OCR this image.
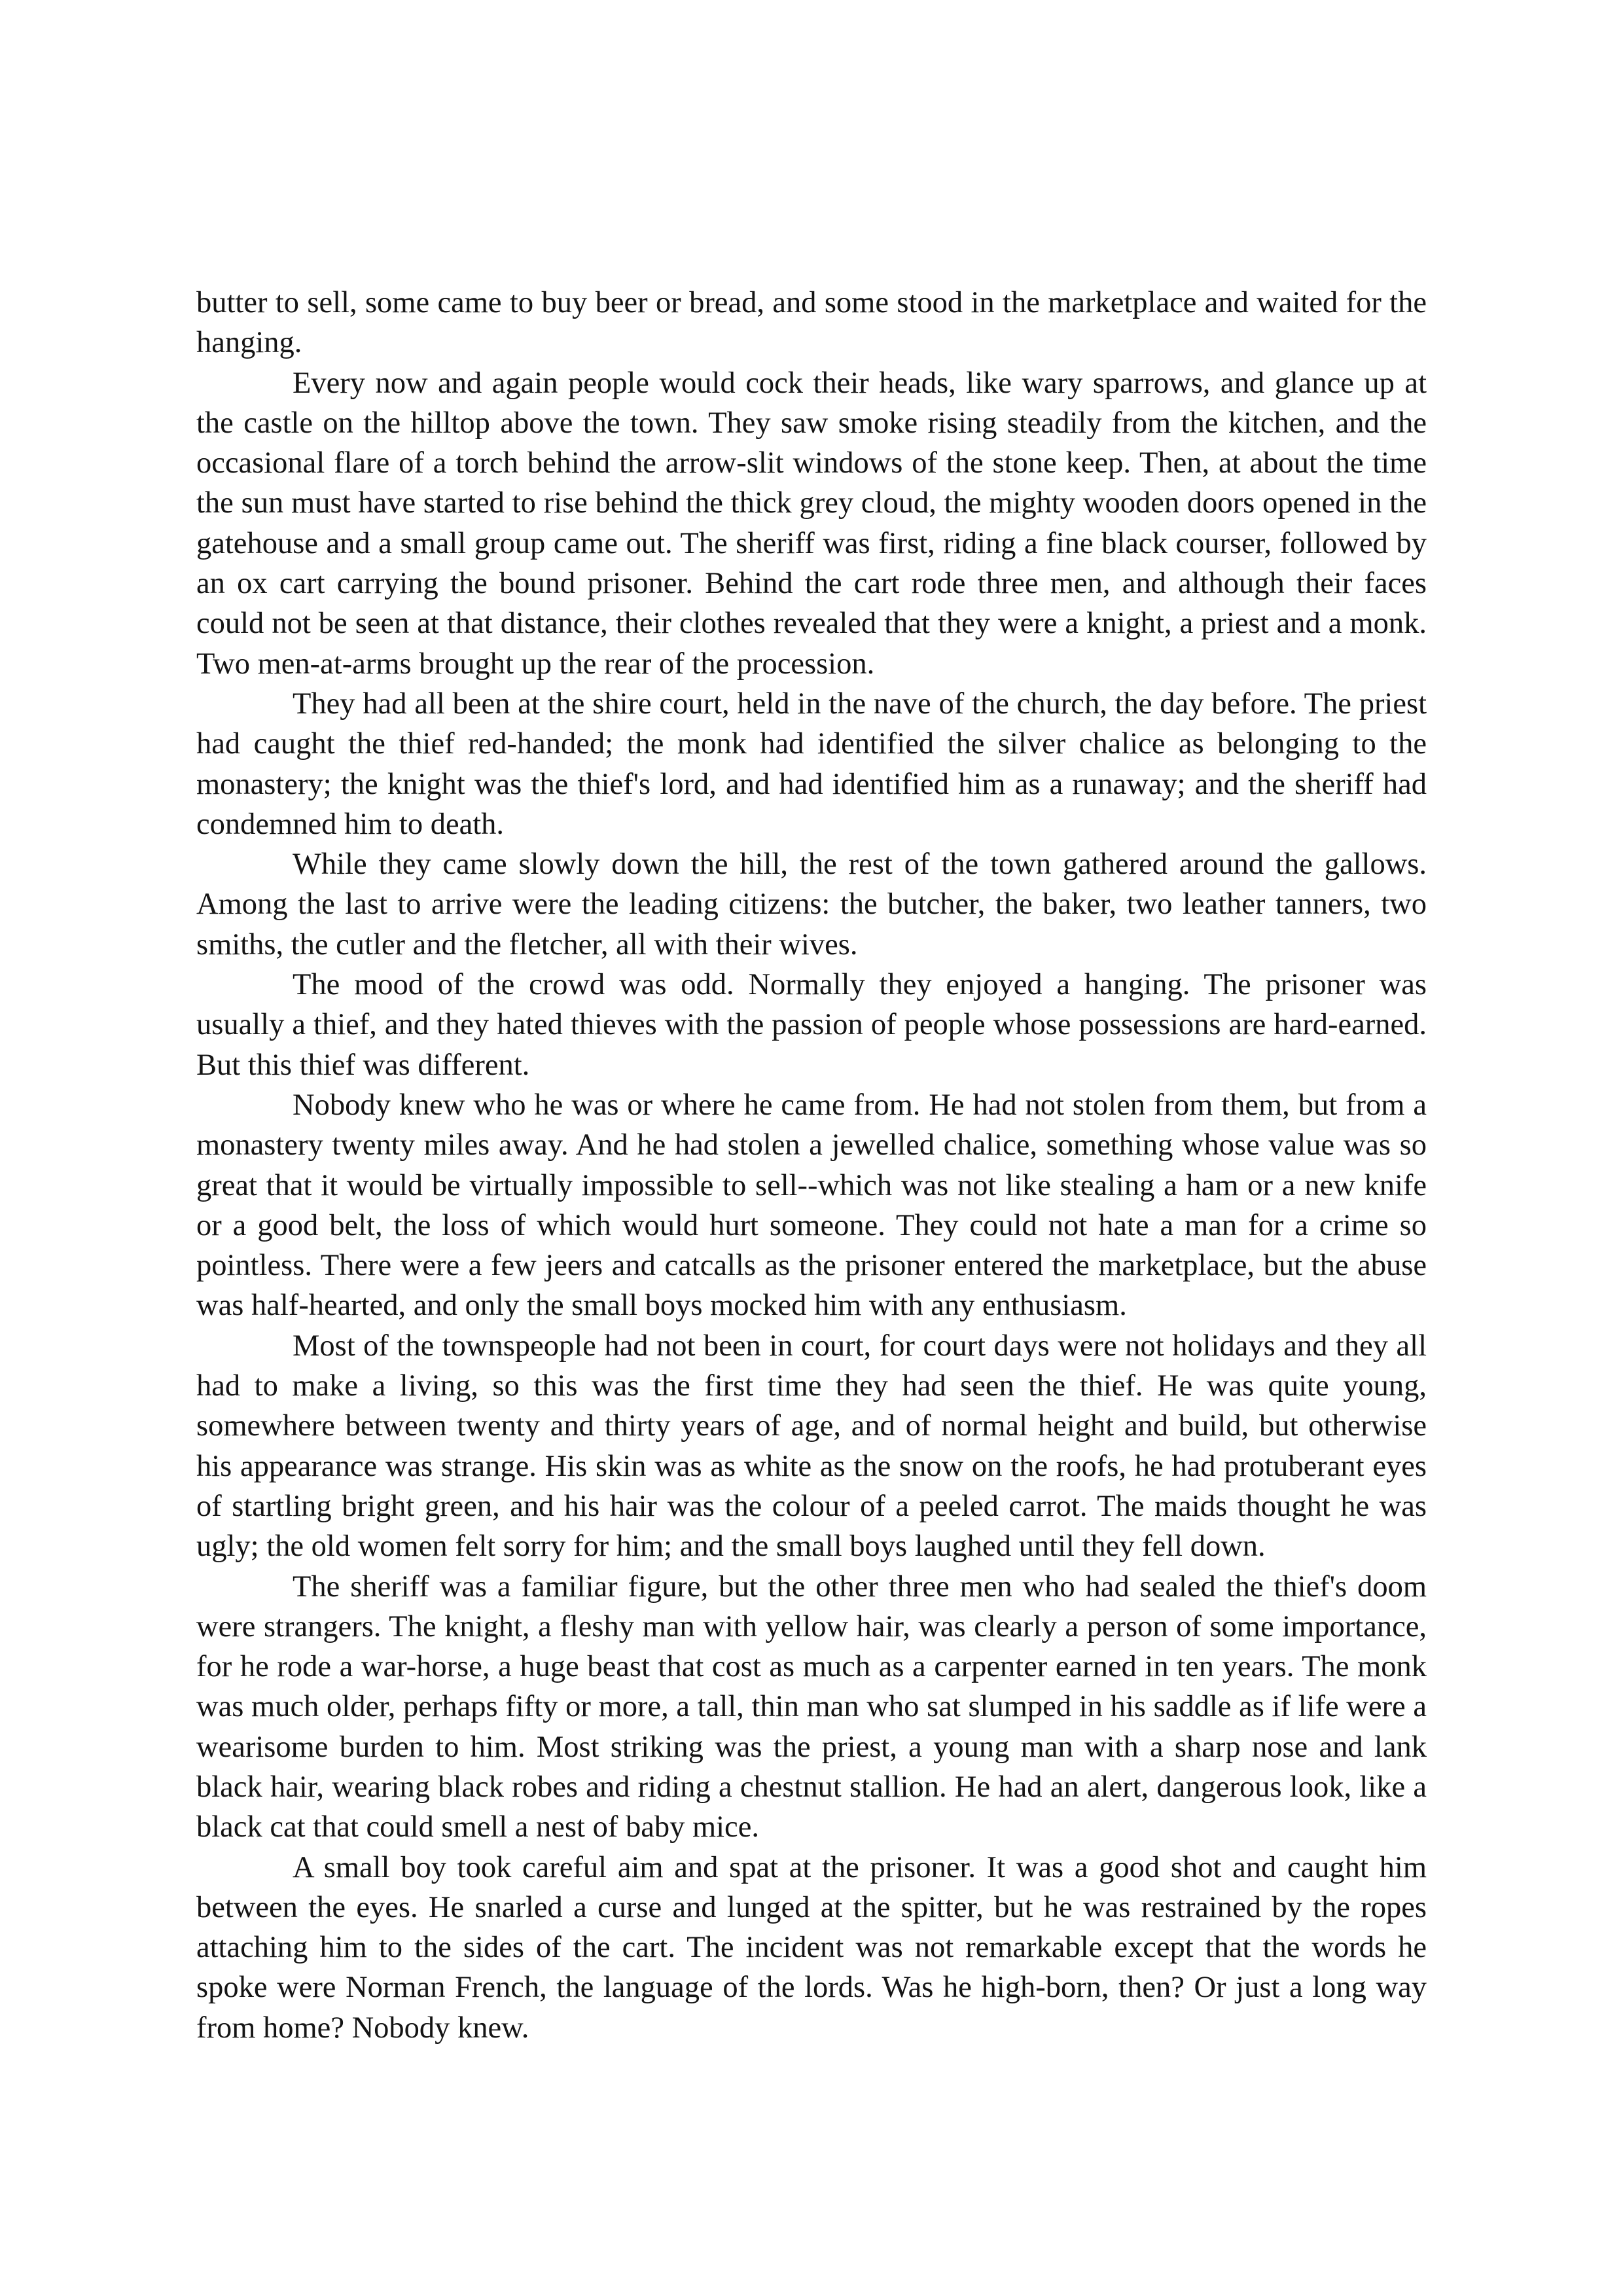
butter to sell, some came to buy beer or bread, and some stood in the marketplace and waited for the hanging.

Every now and again people would cock their heads, like wary sparrows, and glance up at the castle on the hilltop above the town. They saw smoke rising steadily from the kitchen, and the occasional flare of a torch behind the arrow-slit windows of the stone keep. Then, at about the time the sun must have started to rise behind the thick grey cloud, the mighty wooden doors opened in the gatehouse and a small group came out. The sheriff was first, riding a fine black courser, followed by an ox cart carrying the bound prisoner. Behind the cart rode three men, and although their faces could not be seen at that distance, their clothes revealed that they were a knight, a priest and a monk. Two men-at-arms brought up the rear of the procession.

They had all been at the shire court, held in the nave of the church, the day before. The priest had caught the thief red-handed; the monk had identified the silver chalice as belonging to the monastery; the knight was the thief's lord, and had identified him as a runaway; and the sheriff had condemned him to death.

While they came slowly down the hill, the rest of the town gathered around the gallows. Among the last to arrive were the leading citizens: the butcher, the baker, two leather tanners, two smiths, the cutler and the fletcher, all with their wives.

The mood of the crowd was odd. Normally they enjoyed a hanging. The prisoner was usually a thief, and they hated thieves with the passion of people whose possessions are hard-earned. But this thief was different.

Nobody knew who he was or where he came from. He had not stolen from them, but from a monastery twenty miles away. And he had stolen a jewelled chalice, something whose value was so great that it would be virtually impossible to sell--which was not like stealing a ham or a new knife or a good belt, the loss of which would hurt someone. They could not hate a man for a crime so pointless. There were a few jeers and catcalls as the prisoner entered the marketplace, but the abuse was half-hearted, and only the small boys mocked him with any enthusiasm.

Most of the townspeople had not been in court, for court days were not holidays and they all had to make a living, so this was the first time they had seen the thief. He was quite young, somewhere between twenty and thirty years of age, and of normal height and build, but otherwise his appearance was strange. His skin was as white as the snow on the roofs, he had protuberant eyes of startling bright green, and his hair was the colour of a peeled carrot. The maids thought he was ugly; the old women felt sorry for him; and the small boys laughed until they fell down.

The sheriff was a familiar figure, but the other three men who had sealed the thief's doom were strangers. The knight, a fleshy man with yellow hair, was clearly a person of some importance, for he rode a war-horse, a huge beast that cost as much as a carpenter earned in ten years. The monk was much older, perhaps fifty or more, a tall, thin man who sat slumped in his saddle as if life were a wearisome burden to him. Most striking was the priest, a young man with a sharp nose and lank black hair, wearing black robes and riding a chestnut stallion. He had an alert, dangerous look, like a black cat that could smell a nest of baby mice.

A small boy took careful aim and spat at the prisoner. It was a good shot and caught him between the eyes. He snarled a curse and lunged at the spitter, but he was restrained by the ropes attaching him to the sides of the cart. The incident was not remarkable except that the words he spoke were Norman French, the language of the lords. Was he high-born, then? Or just a long way from home? Nobody knew.
